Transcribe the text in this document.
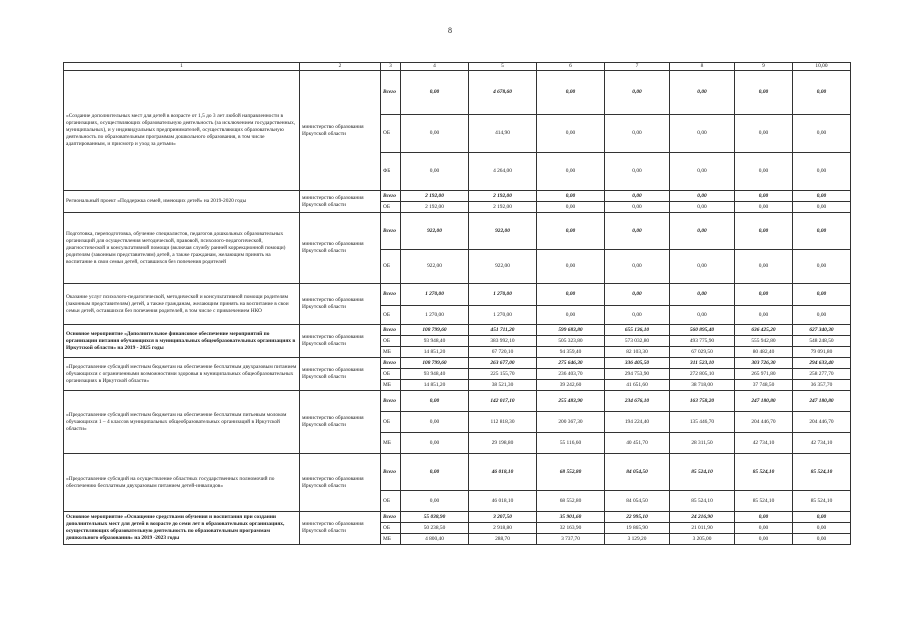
8
1	2	3	4	5	6	7	8	9	10,00
«Создание дополнительных мест для детей в возрасте от 1,5 до 3 лет любой направленности в организациях, осуществляющих образовательную деятельность (за исключением государственных, муниципальных), и у индивидуальных предпринимателей, осуществляющих образовательную деятельность по образовательным программам дошкольного образования, в том числе адаптированным, и присмотр и уход за детьми»	министерство образования Иркутской области	Всего	0,00	4 678,60	0,00	0,00	0,00	0,00	0,00
		ОБ	0,00	414,90	0,00	0,00	0,00	0,00	0,00
		ФБ	0,00	4 264,00	0,00	0,00	0,00	0,00	0,00
Региональный проект «Поддержка семей, имеющих детей» на 2019-2020 годы	министерство образования Иркутской области	Всего	2 192,00	2 192,00	0,00	0,00	0,00	0,00	0,00
		ОБ	2 192,00	2 192,00	0,00	0,00	0,00	0,00	0,00
Подготовка, переподготовка, обучение специалистов, педагогов дошкольных образовательных организаций для осуществления методической, правовой, психолого-педагогической, диагностической и консультативной помощи (включая службу ранней коррекционной помощи) родителям (законным представителям) детей, а также гражданам, желающим принять на воспитание в свои семьи детей, оставшихся без попечения родителей	министерство образования Иркутской области	Всего	922,00	922,00	0,00	0,00	0,00	0,00	0,00
		ОБ	922,00	922,00	0,00	0,00	0,00	0,00	0,00
Оказание услуг психолого-педагогической, методической и консультативной помощи родителям (законным представителям) детей, а также гражданам, желающим принять на воспитание в свои семьи детей, оставшихся без попечения родителей, в том числе с привлечением НКО	министерство образования Иркутской области	Всего	1 270,00	1 270,00	0,00	0,00	0,00	0,00	0,00
		ОБ	1 270,00	1 270,00	0,00	0,00	0,00	0,00	0,00
Основное мероприятие «Дополнительное финансовое обеспечение мероприятий по организации питания обучающихся в муниципальных общеобразовательных организациях в Иркутской области» на 2019 - 2025 годы	министерство образования Иркутской области	Всего	108 799,60	451 711,20	599 683,80	655 136,10	560 895,40	636 425,20	627 340,30
		ОБ	93 948,40	383 992,10	505 323,80	573 032,80	493 775,90	555 942,80	548 248,50
		МБ	14 851,20	67 720,10	94 359,40	82 103,30	67 029,50	80 482,40	79 091,80
«Предоставление субсидий местным бюджетам на обеспечение бесплатным двухразовым питанием обучающихся с ограниченными возможностями здоровья в муниципальных общеобразовательных организациях в Иркутской области»	министерство образования Иркутской области	Всего	108 799,60	263 677,00	275 646,30	336 405,50	311 523,10	303 726,30	294 633,40
		ОБ	93 948,40	225 155,70	236 403,70	294 753,90	272 805,10	265 971,80	258 277,70
		МБ	14 851,20	38 521,30	39 242,60	41 651,60	38 718,00	37 748,50	36 357,70
«Предоставление субсидий местным бюджетам на обеспечение бесплатным питьевым молоком обучающихся 1 – 4 классов муниципальных общеобразовательных организаций в Иркутской области»	министерство образования Иркутской области	Всего	0,00	142 017,10	255 483,90	234 676,10	163 758,20	247 180,80	247 180,80
		ОБ	0,00	112 818,30	200 367,30	194 224,40	135 446,70	204 446,70	204 446,70
		МБ	0,00	29 198,80	55 116,60	40 451,70	28 311,50	42 734,10	42 734,10
«Предоставление субсидий на осуществление областных государственных полномочий по обеспечению бесплатным двухразовым питанием детей-инвалидов»	министерство образования Иркутской области	Всего	0,00	46 018,10	68 552,80	84 054,50	85 524,10	85 524,10	85 524,10
		ОБ	0,00	46 018,10	68 552,80	84 054,50	85 524,10	85 524,10	85 524,10
Основное мероприятие «Оснащение средствами обучения и воспитания при создании дополнительных мест для детей в возрасте до семи лет в образовательных организациях, осуществляющих образовательную деятельность по образовательным программам дошкольного образования» на 2019 -2023 годы	министерство образования Иркутской области	Всего	55 038,90	3 207,50	35 901,60	22 995,10	24 216,90	0,00	0,00
		ОБ	50 238,50	2 918,80	32 163,90	19 865,90	21 011,90	0,00	0,00
		МБ	4 800,40	288,70	3 737,70	3 129,20	3 205,00	0,00	0,00
